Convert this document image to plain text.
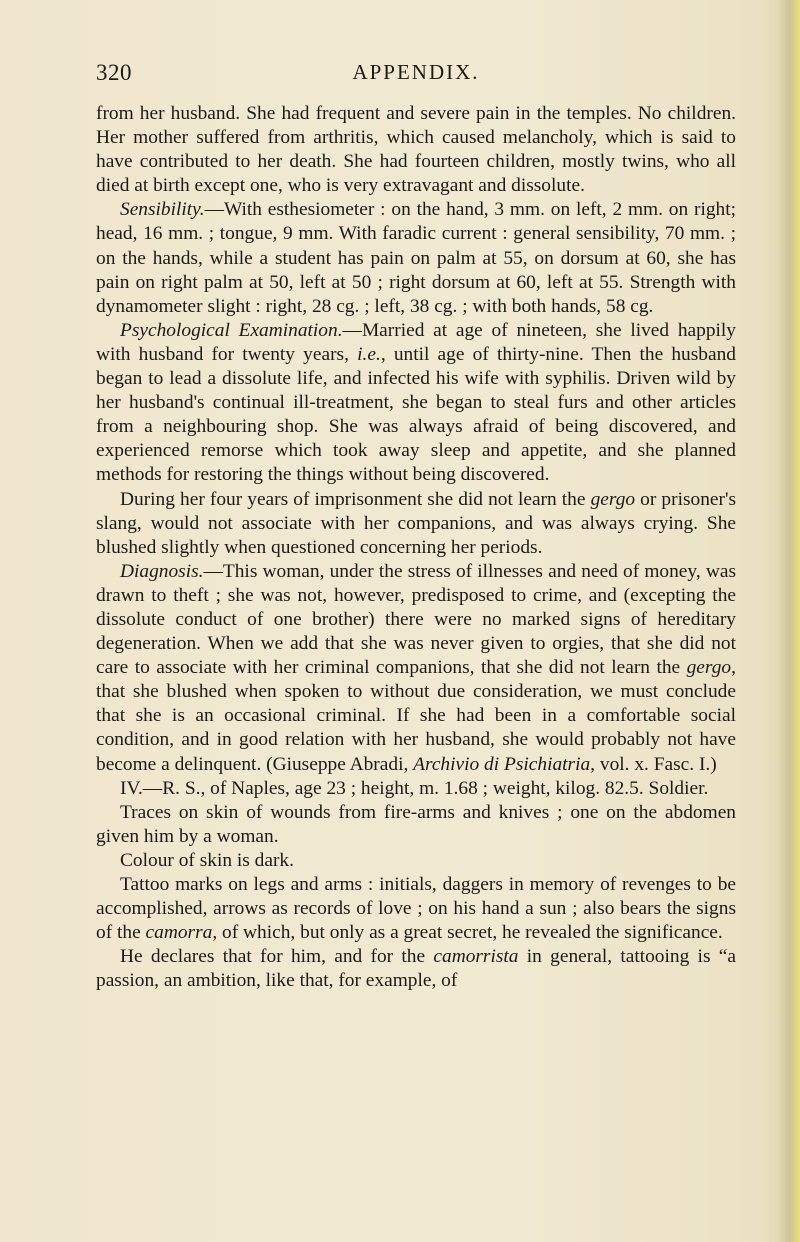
320	APPENDIX.

from her husband. She had frequent and severe pain in the temples. No children. Her mother suffered from arthritis, which caused melancholy, which is said to have contributed to her death. She had fourteen children, mostly twins, who all died at birth except one, who is very extravagant and dissolute.

Sensibility.—With esthesiometer : on the hand, 3 mm. on left, 2 mm. on right; head, 16 mm. ; tongue, 9 mm. With faradic current : general sensibility, 70 mm. ; on the hands, while a student has pain on palm at 55, on dorsum at 60, she has pain on right palm at 50, left at 50 ; right dorsum at 60, left at 55. Strength with dynamometer slight : right, 28 cg. ; left, 38 cg. ; with both hands, 58 cg.

Psychological Examination.—Married at age of nineteen, she lived happily with husband for twenty years, i.e., until age of thirty-nine. Then the husband began to lead a dissolute life, and infected his wife with syphilis. Driven wild by her husband's continual ill-treatment, she began to steal furs and other articles from a neighbouring shop. She was always afraid of being discovered, and experienced remorse which took away sleep and appetite, and she planned methods for restoring the things without being discovered.

During her four years of imprisonment she did not learn the gergo or prisoner's slang, would not associate with her companions, and was always crying. She blushed slightly when questioned concerning her periods.

Diagnosis.—This woman, under the stress of illnesses and need of money, was drawn to theft ; she was not, however, predisposed to crime, and (excepting the dissolute conduct of one brother) there were no marked signs of hereditary degeneration. When we add that she was never given to orgies, that she did not care to associate with her criminal companions, that she did not learn the gergo, that she blushed when spoken to without due consideration, we must conclude that she is an occasional criminal. If she had been in a comfortable social condition, and in good relation with her husband, she would probably not have become a delinquent. (Giuseppe Abradi, Archivio di Psichiatria, vol. x. Fasc. I.)

IV.—R. S., of Naples, age 23 ; height, m. 1.68 ; weight, kilog. 82.5. Soldier.

Traces on skin of wounds from fire-arms and knives ; one on the abdomen given him by a woman.

Colour of skin is dark.

Tattoo marks on legs and arms : initials, daggers in memory of revenges to be accomplished, arrows as records of love ; on his hand a sun ; also bears the signs of the camorra, of which, but only as a great secret, he revealed the significance.

He declares that for him, and for the camorrista in general, tattooing is “a passion, an ambition, like that, for example, of
